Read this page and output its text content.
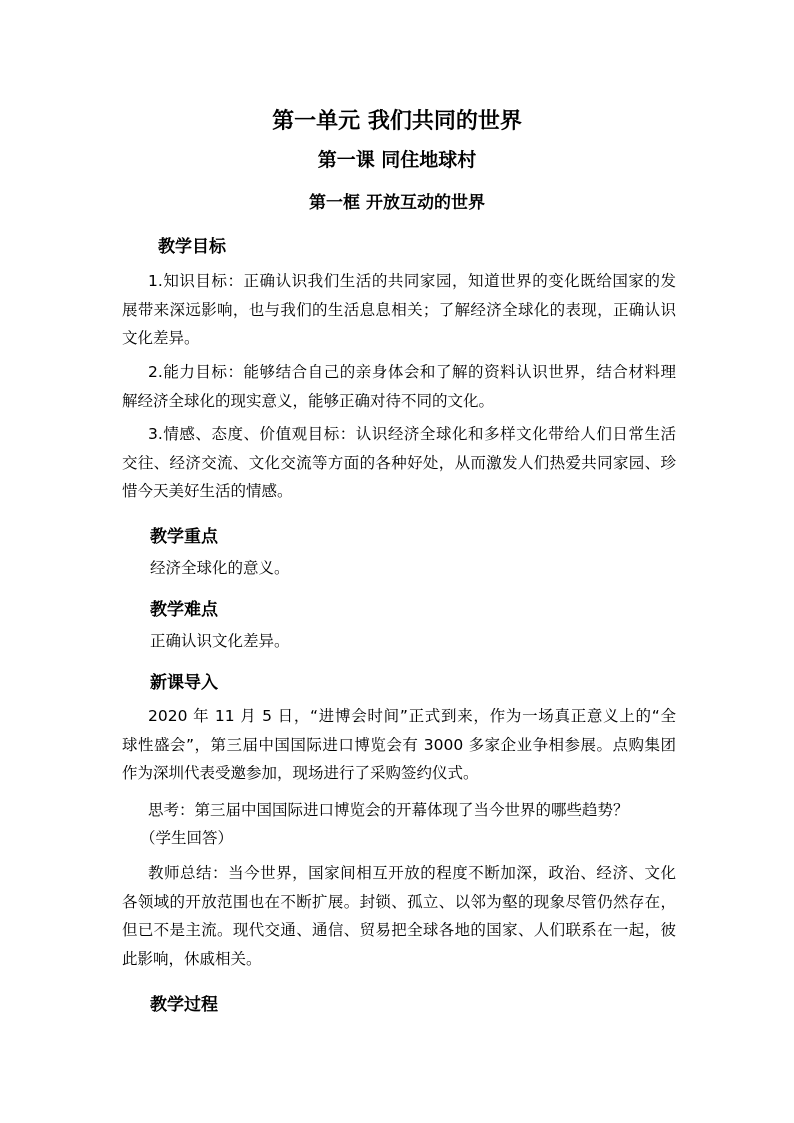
第一单元 我们共同的世界
第一课 同住地球村
第一框 开放互动的世界
教学目标
1.知识目标：正确认识我们生活的共同家园，知道世界的变化既给国家的发
展带来深远影响，也与我们的生活息息相关；了解经济全球化的表现，正确认识
文化差异。
2.能力目标：能够结合自己的亲身体会和了解的资料认识世界，结合材料理
解经济全球化的现实意义，能够正确对待不同的文化。
3.情感、态度、价值观目标：认识经济全球化和多样文化带给人们日常生活
交往、经济交流、文化交流等方面的各种好处，从而激发人们热爱共同家园、珍
惜今天美好生活的情感。
教学重点
经济全球化的意义。
教学难点
正确认识文化差异。
新课导入
2020 年 11 月 5 日，“进博会时间”正式到来，作为一场真正意义上的“全
球性盛会”，第三届中国国际进口博览会有 3000 多家企业争相参展。点购集团
作为深圳代表受邀参加，现场进行了采购签约仪式。
思考：第三届中国国际进口博览会的开幕体现了当今世界的哪些趋势？
（学生回答）
教师总结：当今世界，国家间相互开放的程度不断加深，政治、经济、文化
各领域的开放范围也在不断扩展。封锁、孤立、以邻为壑的现象尽管仍然存在，
但已不是主流。现代交通、通信、贸易把全球各地的国家、人们联系在一起，彼
此影响，休戚相关。
教学过程
